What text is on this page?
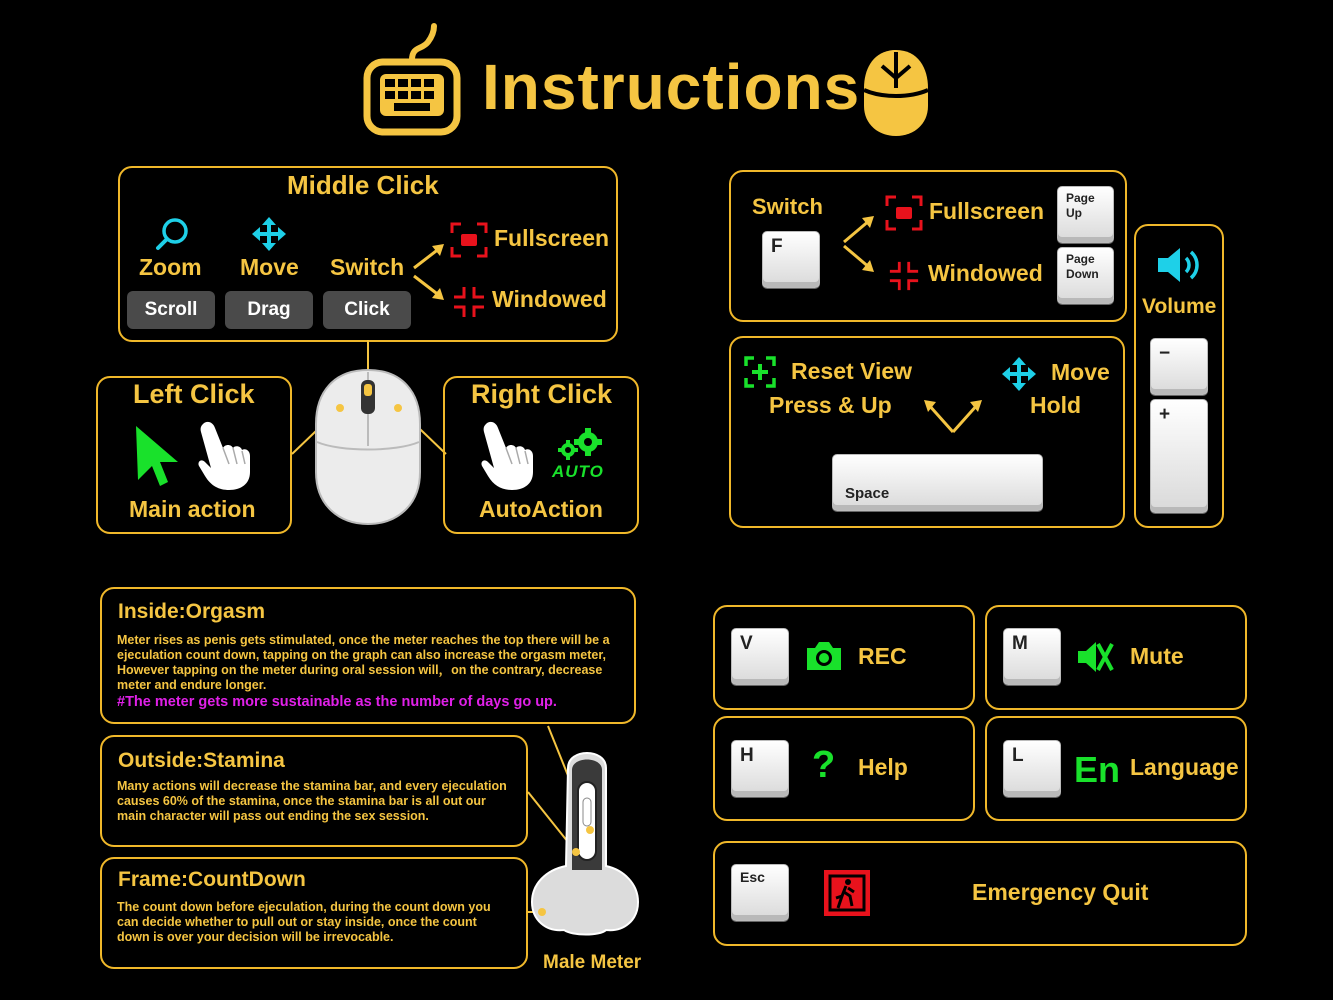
Instructions
Middle Click
Zoom Move Switch
Scroll	Drag	Click
Fullscreen
Windowed
Left Click
Main action
Right Click
AUTO
AutoAction
Switch
F
Fullscreen
Windowed
Page
Up
Page
Down
Reset View
Press & Up
Move
Hold
Space
Volume
−
+
Inside:Orgasm
Meter rises as penis gets stimulated, once the meter reaches the top there will be a
ejeculation count down, tapping on the graph can also increase the orgasm meter,
However tapping on the meter during oral session will，on the contrary, decrease
meter and endure longer.
#The meter gets more sustainable as the number of days go up.
Outside:Stamina
Many actions will decrease the stamina bar, and every ejeculation
causes 60% of the stamina, once the stamina bar is all out our
main character will pass out ending the sex session.
Frame:CountDown
The count down before ejeculation, during the count down you
can decide whether to pull out or stay inside, once the count
down is over your decision will be irrevocable.
Male Meter
V	REC	M	Mute
H ? Help	L En Language
Esc
Emergency Quit
